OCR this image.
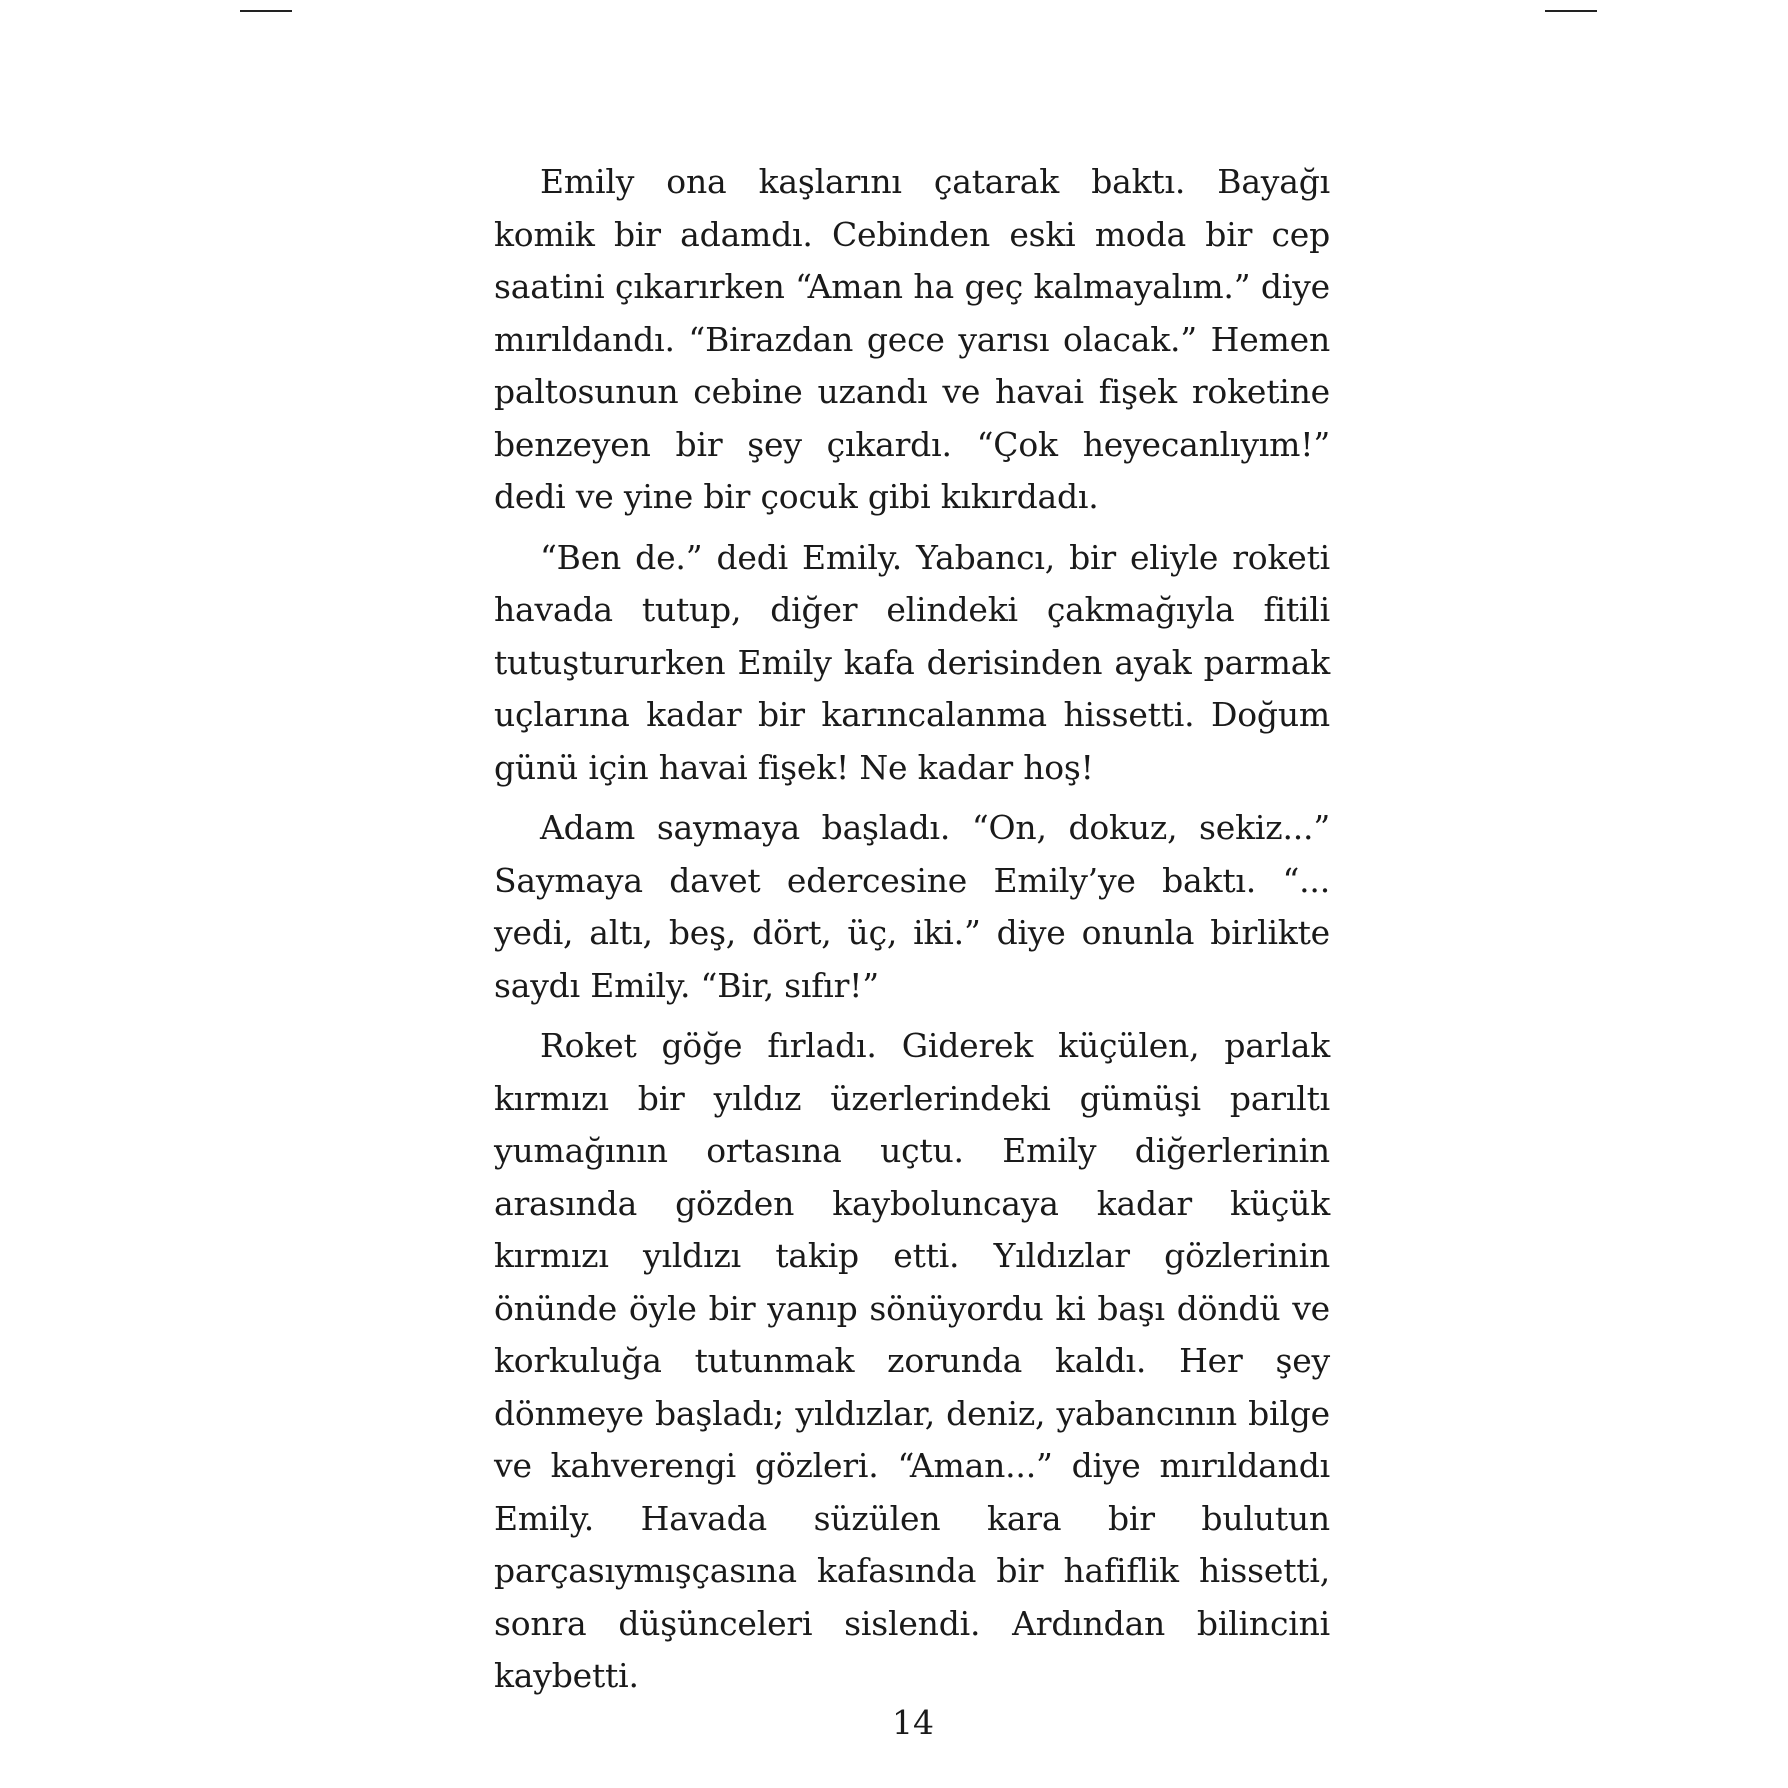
Emily ona kaşlarını çatarak baktı. Bayağı komik bir adamdı. Cebinden eski moda bir cep saatini çıkarırken “Aman ha geç kalmayalım.” diye mırıldandı. “Birazdan gece yarısı olacak.” Hemen paltosunun cebine uzandı ve havai fişek roketine benzeyen bir şey çıkardı. “Çok heyecanlıyım!” dedi ve yine bir çocuk gibi kıkırdadı.

“Ben de.” dedi Emily. Yabancı, bir eliyle roketi havada tutup, diğer elindeki çakmağıyla fitili tutuştururken Emily kafa derisinden ayak parmak uçlarına kadar bir karıncalanma hissetti. Doğum günü için havai fişek! Ne kadar hoş!

Adam saymaya başladı. “On, dokuz, sekiz...” Saymaya davet edercesine Emily’ye baktı. “... yedi, altı, beş, dört, üç, iki.” diye onunla birlikte saydı Emily. “Bir, sıfır!”

Roket göğe fırladı. Giderek küçülen, parlak kırmızı bir yıldız üzerlerindeki gümüşi parıltı yumağının ortasına uçtu. Emily diğerlerinin arasında gözden kayboluncaya kadar küçük kırmızı yıldızı takip etti. Yıldızlar gözlerinin önünde öyle bir yanıp sönüyordu ki başı döndü ve korkuluğa tutunmak zorunda kaldı. Her şey dönmeye başladı; yıldızlar, deniz, yabancının bilge ve kahverengi gözleri. “Aman...” diye mırıldandı Emily. Havada süzülen kara bir bulutun parçasıymışçasına kafasında bir hafiflik hissetti, sonra düşünceleri sislendi. Ardından bilincini kaybetti.

14
